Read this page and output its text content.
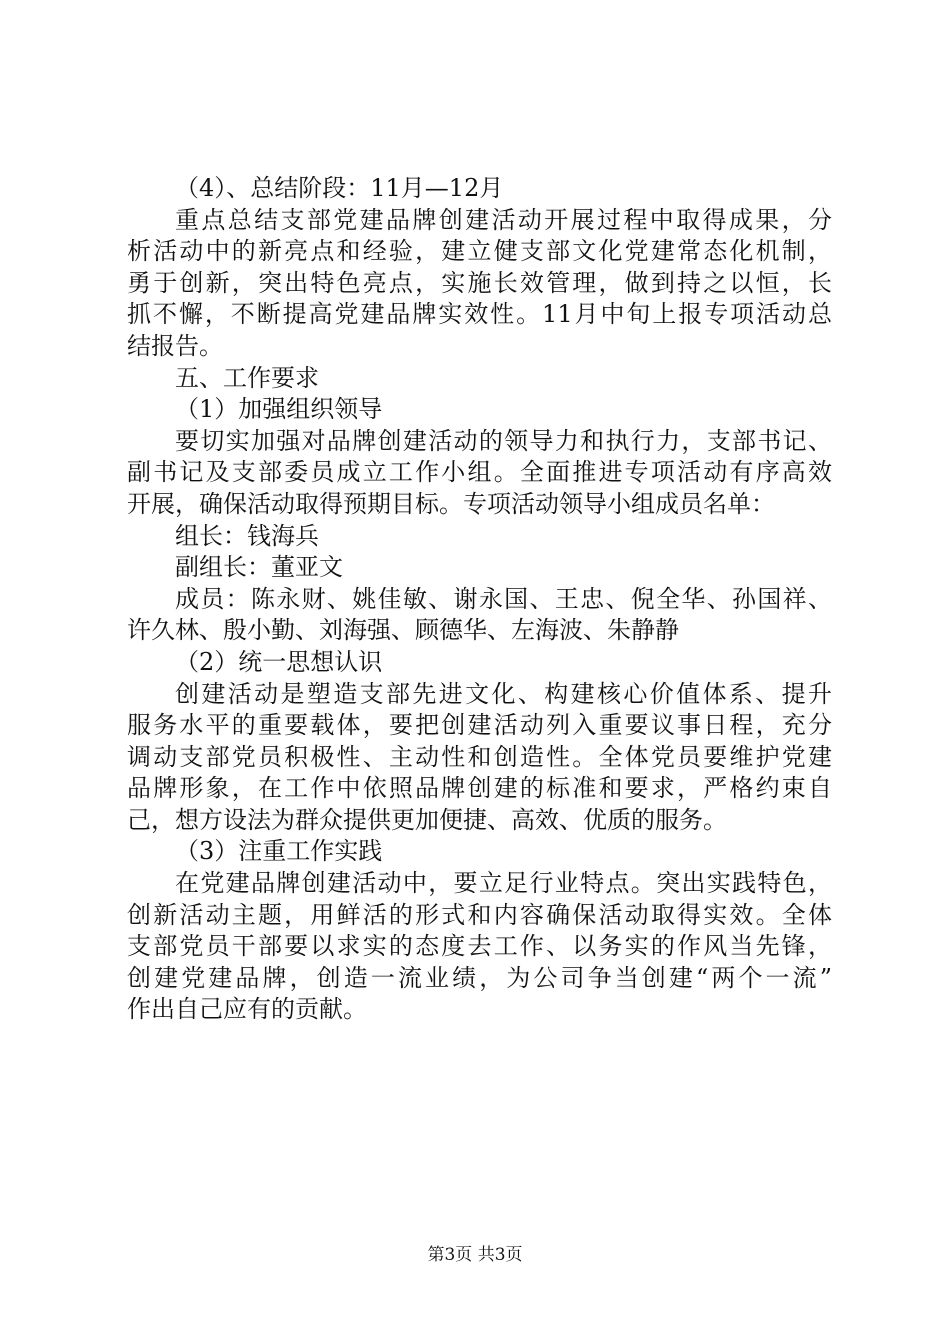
（4）、总结阶段：11月—12月
重点总结支部党建品牌创建活动开展过程中取得成果，分
析活动中的新亮点和经验，建立健支部文化党建常态化机制，
勇于创新，突出特色亮点，实施长效管理，做到持之以恒，长
抓不懈，不断提高党建品牌实效性。11月中旬上报专项活动总
结报告。
五、工作要求
（1）加强组织领导
要切实加强对品牌创建活动的领导力和执行力，支部书记、
副书记及支部委员成立工作小组。全面推进专项活动有序高效
开展，确保活动取得预期目标。专项活动领导小组成员名单：
组长：钱海兵
副组长：董亚文
成员：陈永财、姚佳敏、谢永国、王忠、倪全华、孙国祥、
许久林、殷小勤、刘海强、顾德华、左海波、朱静静
（2）统一思想认识
创建活动是塑造支部先进文化、构建核心价值体系、提升
服务水平的重要载体，要把创建活动列入重要议事日程，充分
调动支部党员积极性、主动性和创造性。全体党员要维护党建
品牌形象，在工作中依照品牌创建的标准和要求，严格约束自
己，想方设法为群众提供更加便捷、高效、优质的服务。
（3）注重工作实践
在党建品牌创建活动中，要立足行业特点。突出实践特色，
创新活动主题，用鲜活的形式和内容确保活动取得实效。全体
支部党员干部要以求实的态度去工作、以务实的作风当先锋，
创建党建品牌，创造一流业绩，为公司争当创建“两个一流”
作出自己应有的贡献。
第3页 共3页
